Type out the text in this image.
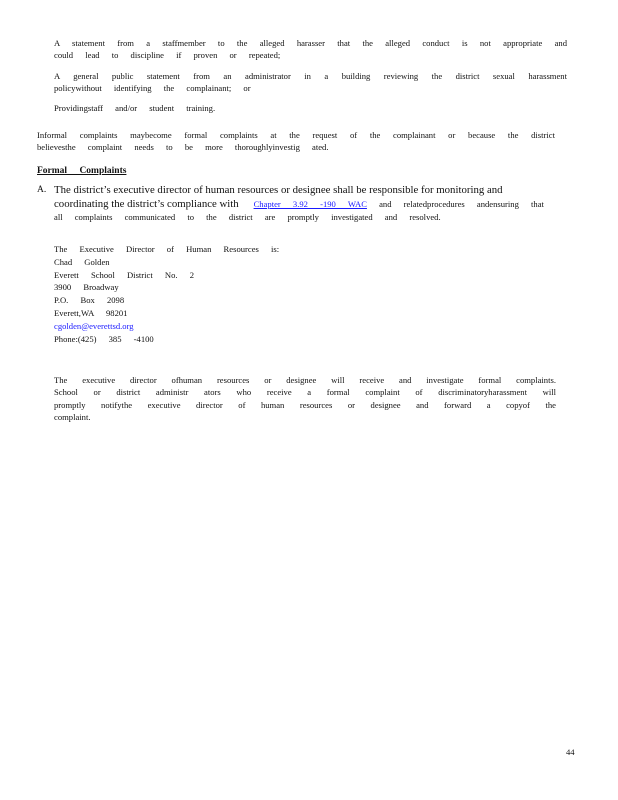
A statement from a staffmember to the alleged harasser that the alleged conduct is not appropriate and could lead to discipline if proven or repeated;
A general public statement from an administrator in a building reviewing the district sexual harassment policywithout identifying the complainant; or
Providingstaff and/or student training.
Informal complaints maybecome formal complaints at the request of the complainant or because the district believesthe complaint needs to be more thoroughlyinvestig ated.
Formal Complaints
A. The district’s executive director of human resources or designee shall be responsible for monitoring and coordinating the district’s compliance with Chapter 3.92 -190 WAC and relatedprocedures andensuring that all complaints communicated to the district are promptly investigated and resolved.
The Executive Director of Human Resources is:
Chad Golden
Everett School District No. 2
3900 Broadway
P.O. Box 2098
Everett,WA 98201
cgolden@everettsd.org
Phone:(425) 385 -4100
The executive director ofhuman resources or designee will receive and investigate formal complaints. School or district administr ators who receive a formal complaint of discriminatoryharassment will promptly notifythe executive director of human resources or designee and forward a copyof the complaint.
44
